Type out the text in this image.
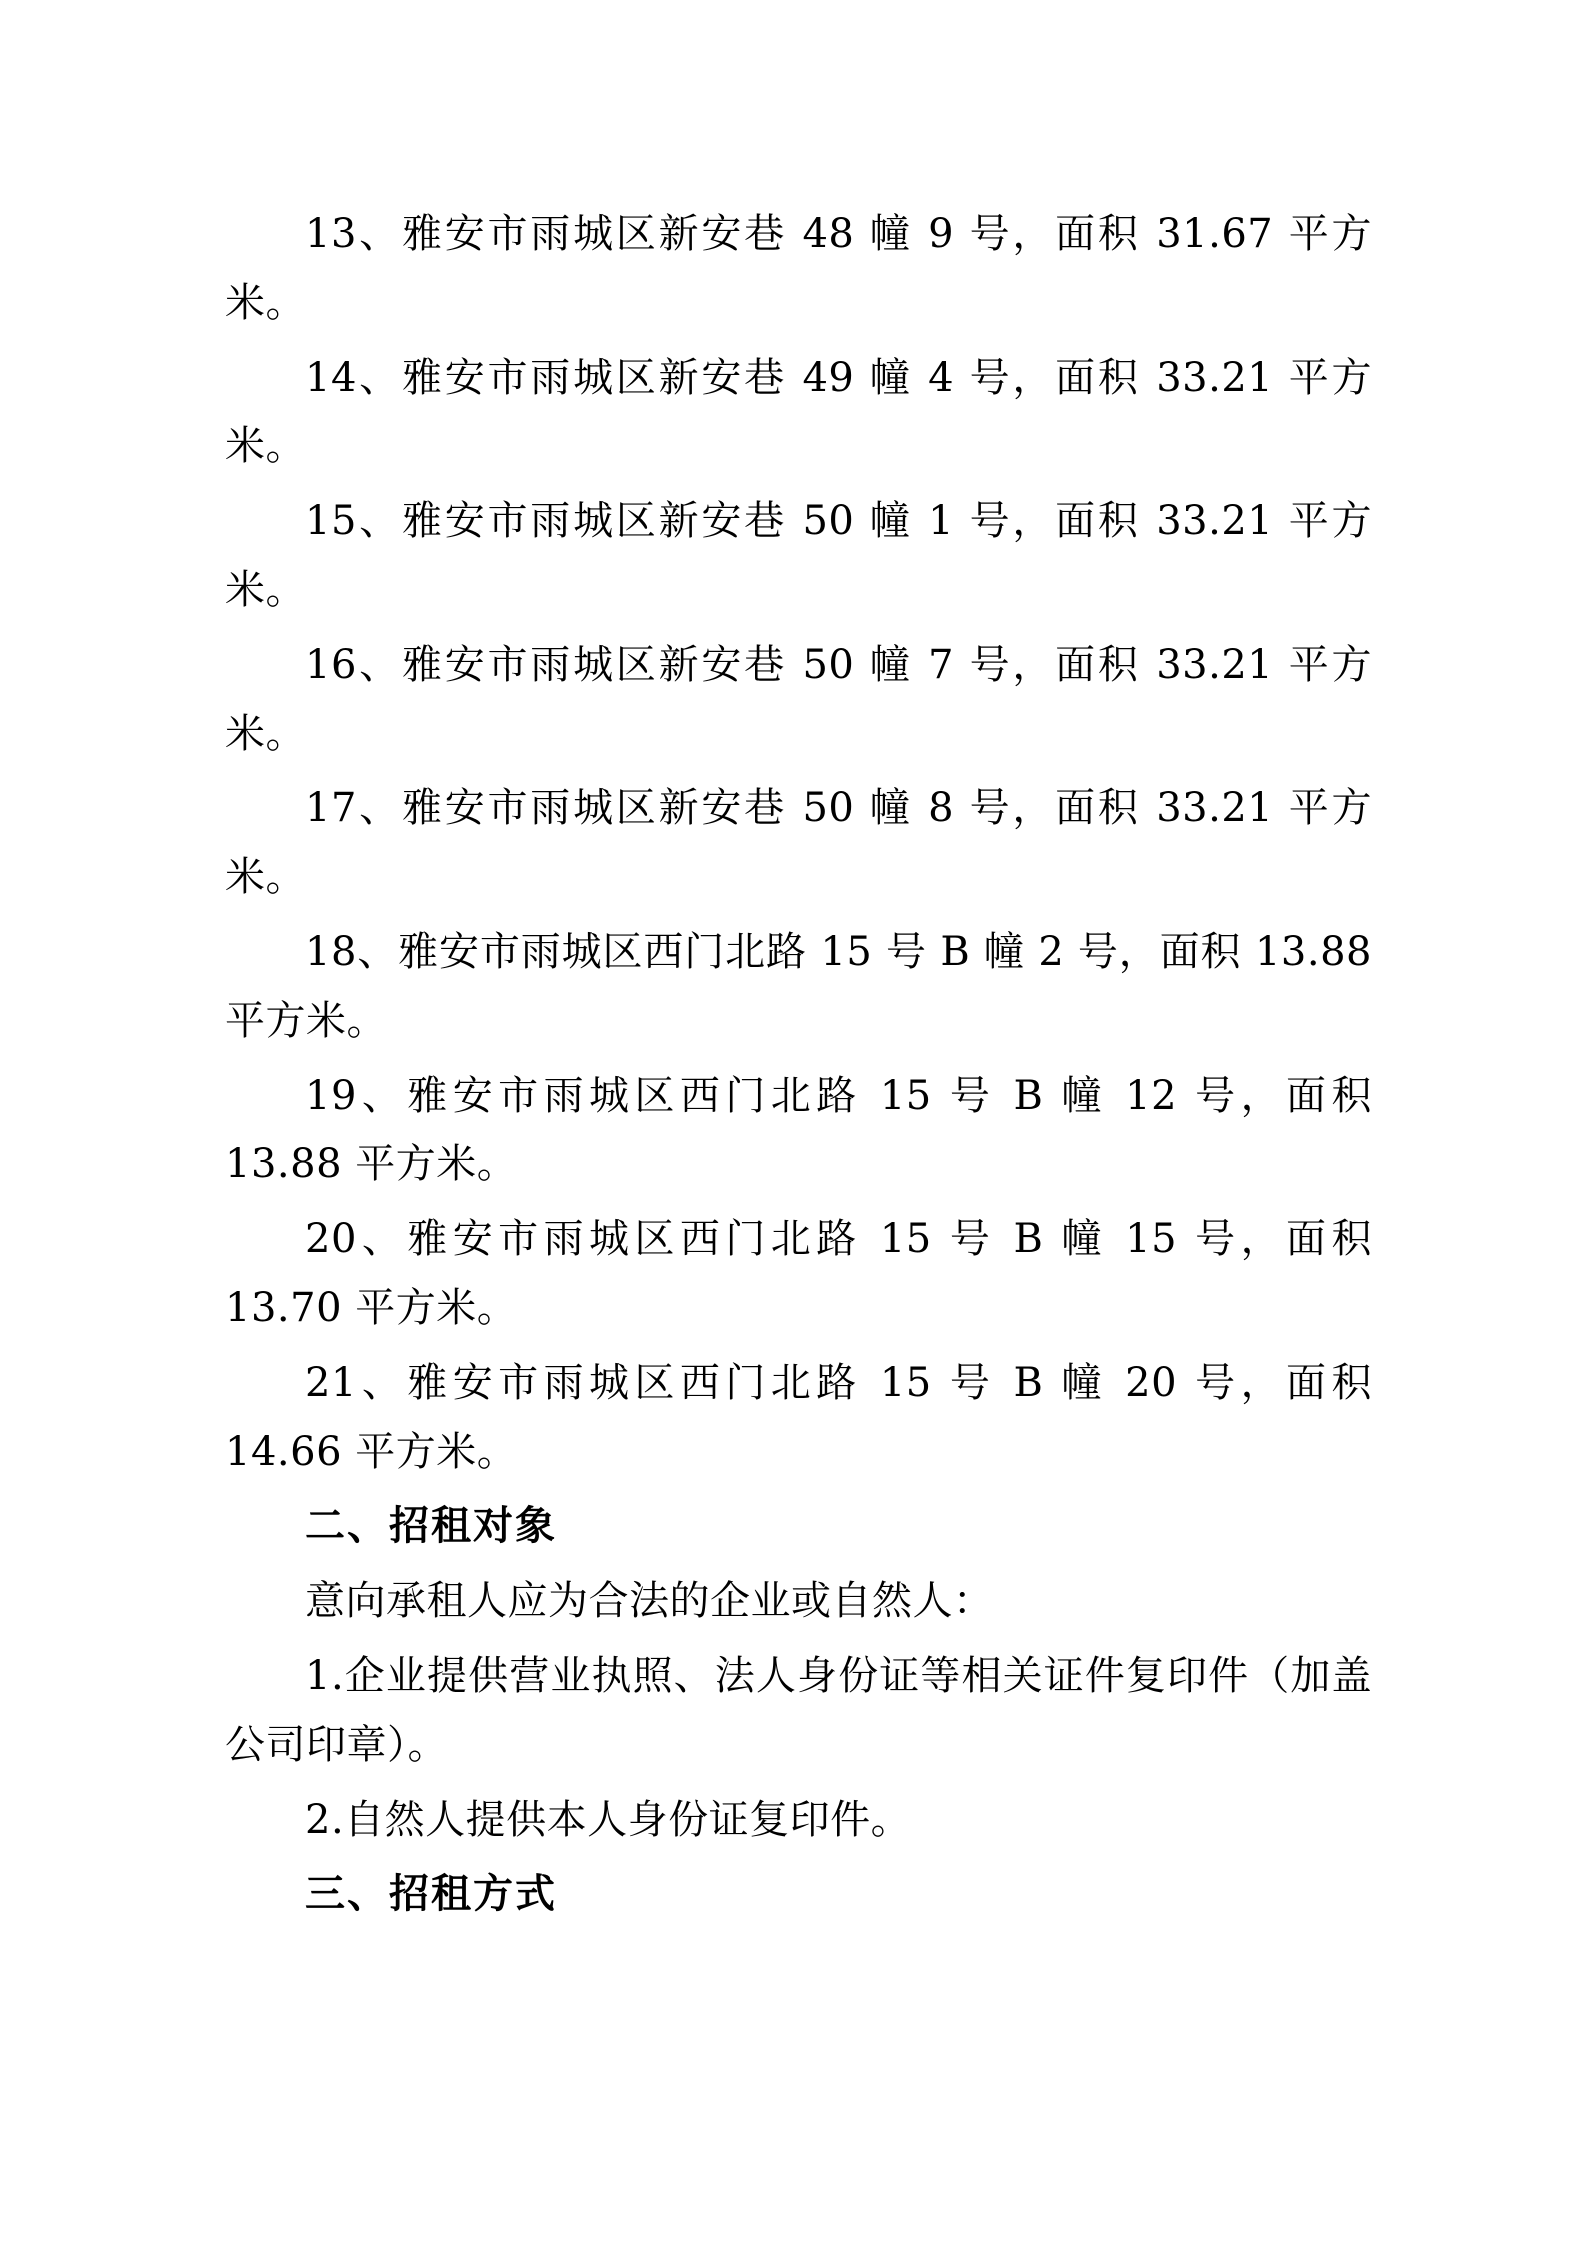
13、雅安市雨城区新安巷 48 幢 9 号，面积 31.67 平方米。

14、雅安市雨城区新安巷 49 幢 4 号，面积 33.21 平方米。

15、雅安市雨城区新安巷 50 幢 1 号，面积 33.21 平方米。

16、雅安市雨城区新安巷 50 幢 7 号，面积 33.21 平方米。

17、雅安市雨城区新安巷 50 幢 8 号，面积 33.21 平方米。

18、雅安市雨城区西门北路 15 号 B 幢 2 号，面积 13.88 平方米。

19、雅安市雨城区西门北路 15 号 B 幢 12 号，面积 13.88 平方米。

20、雅安市雨城区西门北路 15 号 B 幢 15 号，面积 13.70 平方米。

21、雅安市雨城区西门北路 15 号 B 幢 20 号，面积 14.66 平方米。

二、招租对象

意向承租人应为合法的企业或自然人：

1.企业提供营业执照、法人身份证等相关证件复印件（加盖公司印章）。

2.自然人提供本人身份证复印件。

三、招租方式
